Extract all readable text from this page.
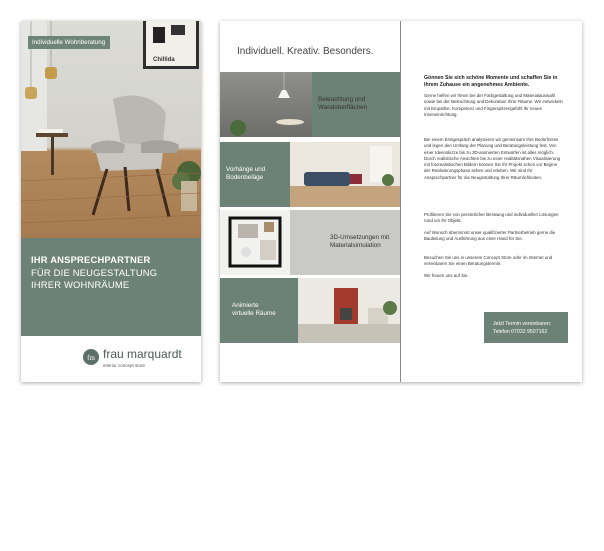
Chillida
Individuelle Wohnberatung
IHR ANSPRECHPARTNER
FÜR DIE NEUGESTALTUNG
IHRER WOHNRÄUME
fm frau marquardt
interior concept store
Individuell. Kreativ. Besonders.
Beleuchtung und
Wandoberflächen
Vorhänge und
Bodenbeläge
3D-Umsetzungen mit
Materialsimulation
Animierte
virtuelle Räume
Gönnen Sie sich schöne Momente und schaffen Sie in Ihrem Zuhause ein angenehmes Ambiente.
Gerne helfen wir Ihnen bei der Farbgestaltung und Materialauswahl sowie bei der Beleuchtung und Dekoration Ihrer Räume. Wir entwickeln mit Empathie, Kompetenz und Fingerspitzengefühl Ihr neues Inneneinrichtung.
Bei einem Erstgespräch analysieren wir gemeinsam Ihre Bedürfnisse und legen den Umfang der Planung und Beratungsleistung fest. Von einer Ideenskizze bis zu 3D-animierten Entwürfen ist alles möglich. Durch realistische Ansichten bis zu einer realitätsnahen Visualisierung mit fotorealistischen Bildern können Sie Ihr Projekt schon vor Beginn der Realisierungsphase sehen und erleben. Wir sind Ihr Ansprechpartner für die Neugestaltung Ihrer Räumlichkeiten.
Profitieren Sie von persönlicher Beratung und individuellen Lösungen rund um Ihr Objekt.
Auf Wunsch übernimmt unser qualifizierter Partnerbetrieb gerne die Bauleitung und Ausführung aus einer Hand für Sie.
Besuchen Sie uns in unserem Concept Store oder im Internet und vereinbaren Sie einen Beratungstermin.
Wir freuen uns auf Sie.
Jetzt Termin vereinbaren:
Telefon 07032 9507162
